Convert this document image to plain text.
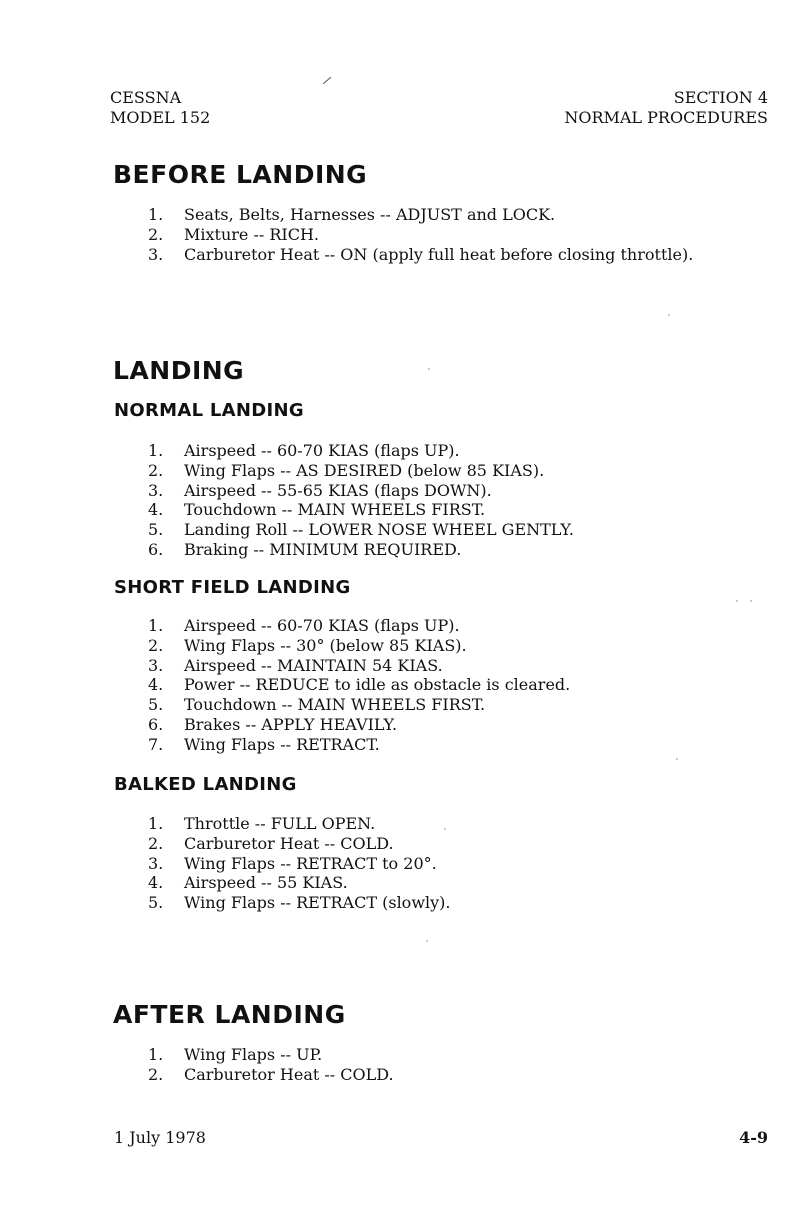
CESSNA
MODEL 152
SECTION 4
NORMAL PROCEDURES
BEFORE LANDING
1.	Seats, Belts, Harnesses -- ADJUST and LOCK.
2.	Mixture -- RICH.
3.	Carburetor Heat -- ON (apply full heat before closing throttle).
LANDING
NORMAL LANDING
1.	Airspeed -- 60-70 KIAS (flaps UP).
2.	Wing Flaps -- AS DESIRED (below 85 KIAS).
3.	Airspeed -- 55-65 KIAS (flaps DOWN).
4.	Touchdown -- MAIN WHEELS FIRST.
5.	Landing Roll -- LOWER NOSE WHEEL GENTLY.
6.	Braking -- MINIMUM REQUIRED.
SHORT FIELD LANDING
1.	Airspeed -- 60-70 KIAS (flaps UP).
2.	Wing Flaps -- 30° (below 85 KIAS).
3.	Airspeed -- MAINTAIN 54 KIAS.
4.	Power -- REDUCE to idle as obstacle is cleared.
5.	Touchdown -- MAIN WHEELS FIRST.
6.	Brakes -- APPLY HEAVILY.
7.	Wing Flaps -- RETRACT.
BALKED LANDING
1.	Throttle -- FULL OPEN.
2.	Carburetor Heat -- COLD.
3.	Wing Flaps -- RETRACT to 20°.
4.	Airspeed -- 55 KIAS.
5.	Wing Flaps -- RETRACT (slowly).
AFTER LANDING
1.	Wing Flaps -- UP.
2.	Carburetor Heat -- COLD.
1 July 1978	4-9
